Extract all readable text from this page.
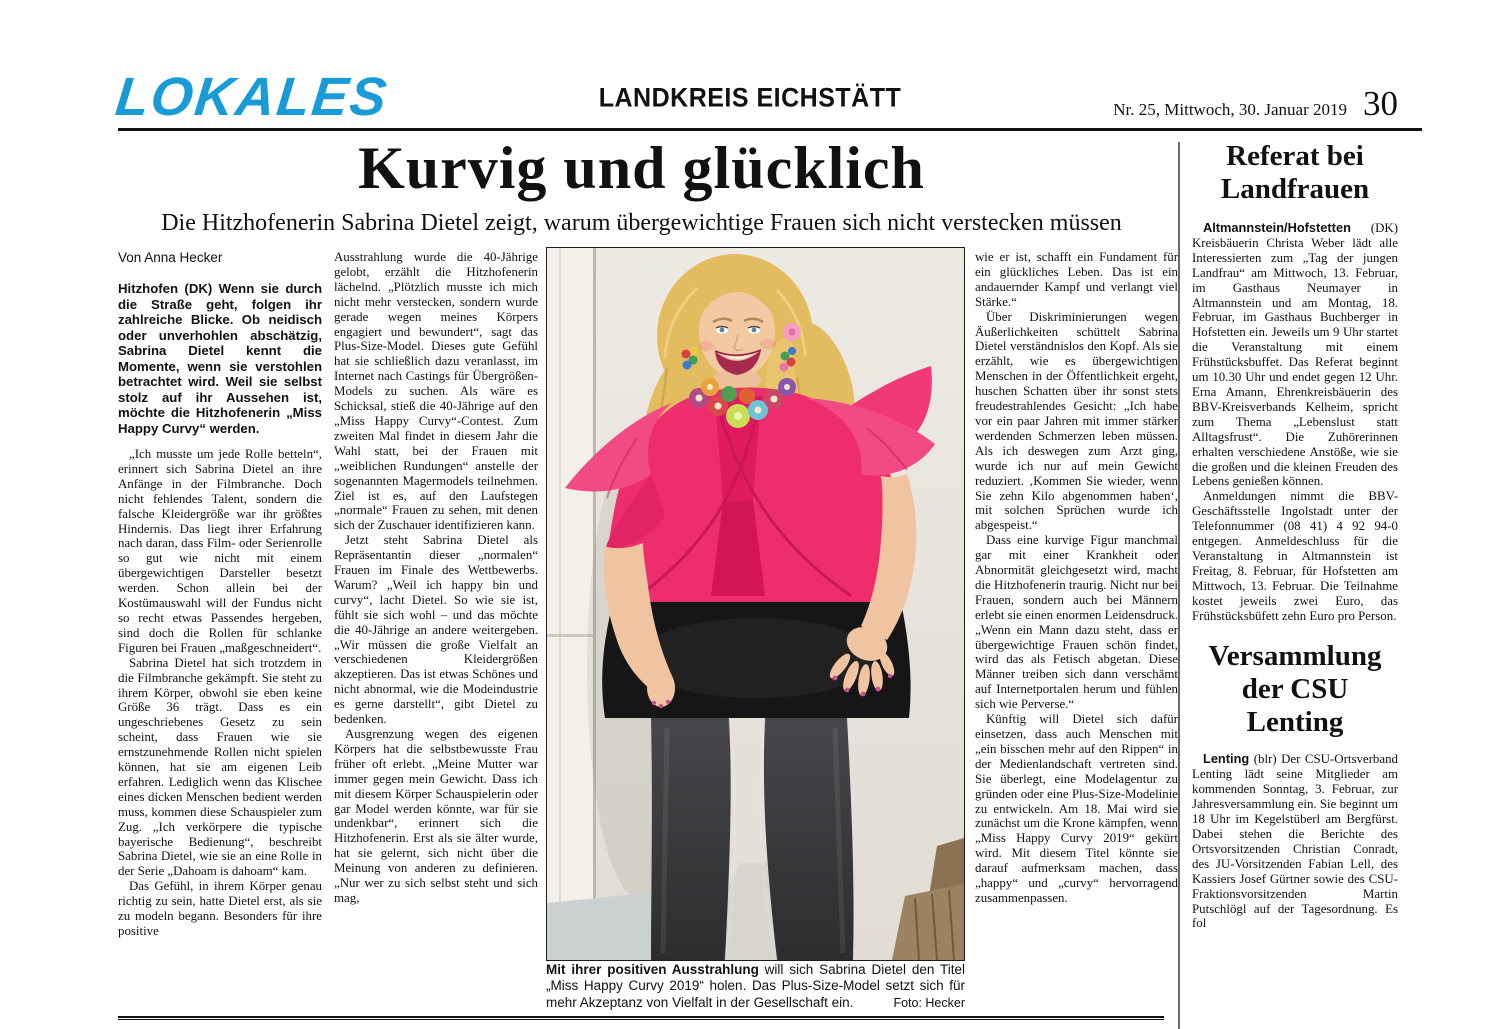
LOKALES	LANDKREIS EICHSTÄTT	Nr. 25, Mittwoch, 30. Januar 2019 30
Kurvig und glücklich
Die Hitzhofenerin Sabrina Dietel zeigt, warum übergewichtige Frauen sich nicht verstecken müssen

Von Anna Hecker

Hitzhofen (DK) Wenn sie durch die Straße geht, folgen ihr zahlreiche Blicke. Ob neidisch oder unverhohlen abschätzig, Sabrina Dietel kennt die Momente, wenn sie verstohlen betrachtet wird. Weil sie selbst stolz auf ihr Aussehen ist, möchte die Hitzhofenerin „Miss Happy Curvy“ werden.

„Ich musste um jede Rolle betteln“, erinnert sich Sabrina Dietel an ihre Anfänge in der Filmbranche. Doch nicht fehlendes Talent, sondern die falsche Kleidergröße war ihr größtes Hindernis. Das liegt ihrer Erfahrung nach daran, dass Film- oder Serienrolle so gut wie nicht mit einem übergewichtigen Darsteller besetzt werden. Schon allein bei der Kostümauswahl will der Fundus nicht so recht etwas Passendes hergeben, sind doch die Rollen für schlanke Figuren bei Frauen „maßgeschneidert“.

Sabrina Dietel hat sich trotzdem in die Filmbranche gekämpft. Sie steht zu ihrem Körper, obwohl sie eben keine Größe 36 trägt. Dass es ein ungeschriebenes Gesetz zu sein scheint, dass Frauen wie sie ernstzunehmende Rollen nicht spielen können, hat sie am eigenen Leib erfahren. Lediglich wenn das Klischee eines dicken Menschen bedient werden muss, kommen diese Schauspieler zum Zug. „Ich verkörpere die typische bayerische Bedienung“, beschreibt Sabrina Dietel, wie sie an eine Rolle in der Serie „Dahoam is dahoam“ kam.

Das Gefühl, in ihrem Körper genau richtig zu sein, hatte Dietel erst, als sie zu modeln begann. Besonders für ihre positive

Ausstrahlung wurde die 40-Jährige gelobt, erzählt die Hitzhofenerin lächelnd. „Plötzlich musste ich mich nicht mehr verstecken, sondern wurde gerade wegen meines Körpers engagiert und bewundert“, sagt das Plus-Size-Model. Dieses gute Gefühl hat sie schließlich dazu veranlasst, im Internet nach Castings für Übergrößen-Models zu suchen. Als wäre es Schicksal, stieß die 40-Jährige auf den „Miss Happy Curvy“-Contest. Zum zweiten Mal findet in diesem Jahr die Wahl statt, bei der Frauen mit „weiblichen Rundungen“ anstelle der sogenannten Magermodels teilnehmen. Ziel ist es, auf den Laufstegen „normale“ Frauen zu sehen, mit denen sich der Zuschauer identifizieren kann.

Jetzt steht Sabrina Dietel als Repräsentantin dieser „normalen“ Frauen im Finale des Wettbewerbs. Warum? „Weil ich happy bin und curvy“, lacht Dietel. So wie sie ist, fühlt sie sich wohl – und das möchte die 40-Jährige an andere weitergeben. „Wir müssen die große Vielfalt an verschiedenen Kleidergrößen akzeptieren. Das ist etwas Schönes und nicht abnormal, wie die Modeindustrie es gerne darstellt“, gibt Dietel zu bedenken.

Ausgrenzung wegen des eigenen Körpers hat die selbstbewusste Frau früher oft erlebt. „Meine Mutter war immer gegen mein Gewicht. Dass ich mit diesem Körper Schauspielerin oder gar Model werden könnte, war für sie undenkbar“, erinnert sich die Hitzhofenerin. Erst als sie älter wurde, hat sie gelernt, sich nicht über die Meinung von anderen zu definieren. „Nur wer zu sich selbst steht und sich mag,

Mit ihrer positiven Ausstrahlung will sich Sabrina Dietel den Titel „Miss Happy Curvy 2019“ holen. Das Plus-Size-Model setzt sich für mehr Akzeptanz von Vielfalt in der Gesellschaft ein.	Foto: Hecker

wie er ist, schafft ein Fundament für ein glückliches Leben. Das ist ein andauernder Kampf und verlangt viel Stärke.“

Über Diskriminierungen wegen Äußerlichkeiten schüttelt Sabrina Dietel verständnislos den Kopf. Als sie erzählt, wie es übergewichtigen Menschen in der Öffentlichkeit ergeht, huschen Schatten über ihr sonst stets freudestrahlendes Gesicht: „Ich habe vor ein paar Jahren mit immer stärker werdenden Schmerzen leben müssen. Als ich deswegen zum Arzt ging, wurde ich nur auf mein Gewicht reduziert. ‚Kommen Sie wieder, wenn Sie zehn Kilo abgenommen haben‘, mit solchen Sprüchen wurde ich abgespeist.“

Dass eine kurvige Figur manchmal gar mit einer Krankheit oder Abnormität gleichgesetzt wird, macht die Hitzhofenerin traurig. Nicht nur bei Frauen, sondern auch bei Männern erlebt sie einen enormen Leidensdruck. „Wenn ein Mann dazu steht, dass er übergewichtige Frauen schön findet, wird das als Fetisch abgetan. Diese Männer treiben sich dann verschämt auf Internetportalen herum und fühlen sich wie Perverse.“

Künftig will Dietel sich dafür einsetzen, dass auch Menschen mit „ein bisschen mehr auf den Rippen“ in der Medienlandschaft vertreten sind. Sie überlegt, eine Modelagentur zu gründen oder eine Plus-Size-Modelinie zu entwickeln. Am 18. Mai wird sie zunächst um die Krone kämpfen, wenn „Miss Happy Curvy 2019“ gekürt wird. Mit diesem Titel könnte sie darauf aufmerksam machen, dass „happy“ und „curvy“ hervorragend zusammenpassen.

Referat bei Landfrauen

Altmannstein/Hofstetten (DK) Kreisbäuerin Christa Weber lädt alle Interessierten zum „Tag der jungen Landfrau“ am Mittwoch, 13. Februar, im Gasthaus Neumayer in Altmannstein und am Montag, 18. Februar, im Gasthaus Buchberger in Hofstetten ein. Jeweils um 9 Uhr startet die Veranstaltung mit einem Frühstücksbuffet. Das Referat beginnt um 10.30 Uhr und endet gegen 12 Uhr. Erna Amann, Ehrenkreisbäuerin des BBV-Kreisverbands Kelheim, spricht zum Thema „Lebenslust statt Alltagsfrust“. Die Zuhörerinnen erhalten verschiedene Anstöße, wie sie die großen und die kleinen Freuden des Lebens genießen können.

Anmeldungen nimmt die BBV-Geschäftsstelle Ingolstadt unter der Telefonnummer (08 41) 4 92 94-0 entgegen. Anmeldeschluss für die Veranstaltung in Altmannstein ist Freitag, 8. Februar, für Hofstetten am Mittwoch, 13. Februar. Die Teilnahme kostet jeweils zwei Euro, das Frühstücksbüfett zehn Euro pro Person.

Versammlung der CSU Lenting

Lenting (blr) Der CSU-Ortsverband Lenting lädt seine Mitglieder am kommenden Sonntag, 3. Februar, zur Jahresversammlung ein. Sie beginnt um 18 Uhr im Kegelstüberl am Bergfürst. Dabei stehen die Berichte des Ortsvorsitzenden Christian Conradt, des JU-Vorsitzenden Fabian Lell, des Kassiers Josef Gürtner sowie des CSU-Fraktionsvorsitzenden Martin Putschlögl auf der Tagesordnung. Es fol
